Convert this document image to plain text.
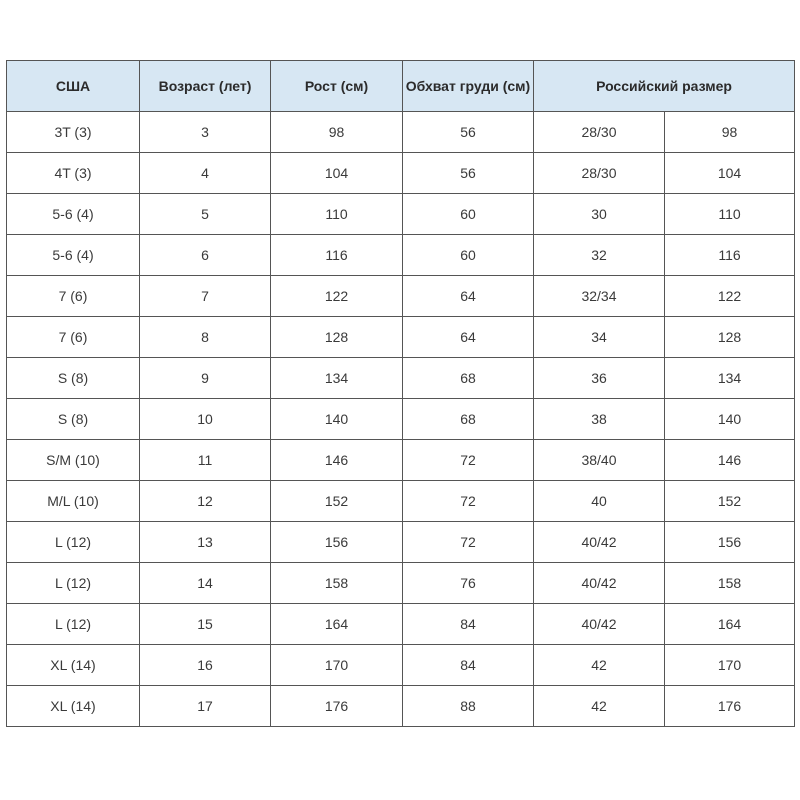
США	Возраст (лет)	Рост (см)	Обхват груди (см)	Российский размер	
3T (3)	3	98	56	28/30	98
4T (3)	4	104	56	28/30	104
5-6 (4)	5	110	60	30	110
5-6 (4)	6	116	60	32	116
7 (6)	7	122	64	32/34	122
7 (6)	8	128	64	34	128
S (8)	9	134	68	36	134
S (8)	10	140	68	38	140
S/M (10)	11	146	72	38/40	146
M/L (10)	12	152	72	40	152
L (12)	13	156	72	40/42	156
L (12)	14	158	76	40/42	158
L (12)	15	164	84	40/42	164
XL (14)	16	170	84	42	170
XL (14)	17	176	88	42	176
